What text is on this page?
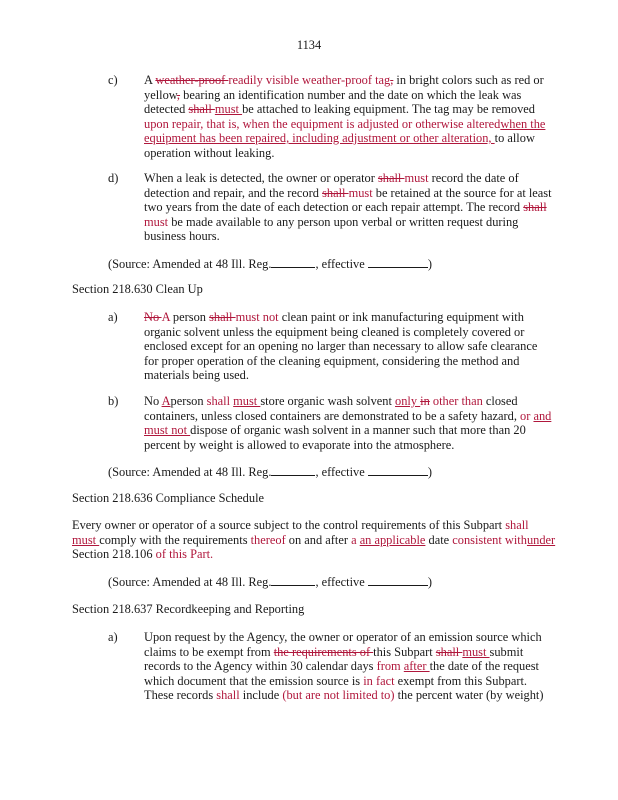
1134
c) A weather-proof readily visible weather-proof tag, in bright colors such as red or
yellow, bearing an identification number and the date on which the leak was
detected shall must be attached to leaking equipment. The tag may be removed
upon repair, that is, when the equipment is adjusted or otherwise alteredwhen the
equipment has been repaired, including adjustment or other alteration, to allow
operation without leaking.
d) When a leak is detected, the owner or operator shall must record the date of
detection and repair, and the record shall must be retained at the source for at least
two years from the date of each detection or each repair attempt. The record shall
must be made available to any person upon verbal or written request during
business hours.
(Source: Amended at 48 Ill. Reg.	, effective	)
Section 218.630 Clean Up
a) No A person shall must not clean paint or ink manufacturing equipment with
organic solvent unless the equipment being cleaned is completely covered or
enclosed except for an opening no larger than necessary to allow safe clearance
for proper operation of the cleaning equipment, considering the method and
materials being used.
b) No Aperson shall must store organic wash solvent only in other than closed
containers, unless closed containers are demonstrated to be a safety hazard, or and
must not dispose of organic wash solvent in a manner such that more than 20
percent by weight is allowed to evaporate into the atmosphere.
(Source: Amended at 48 Ill. Reg.	, effective	)
Section 218.636 Compliance Schedule
Every owner or operator of a source subject to the control requirements of this Subpart shall
must comply with the requirements thereof on and after a an applicable date consistent withunder
Section 218.106 of this Part.
(Source: Amended at 48 Ill. Reg.	, effective	)
Section 218.637 Recordkeeping and Reporting
a) Upon request by the Agency, the owner or operator of an emission source which
claims to be exempt from the requirements of this Subpart shall must submit
records to the Agency within 30 calendar days from after the date of the request
which document that the emission source is in fact exempt from this Subpart.
These records shall include (but are not limited to) the percent water (by weight)
